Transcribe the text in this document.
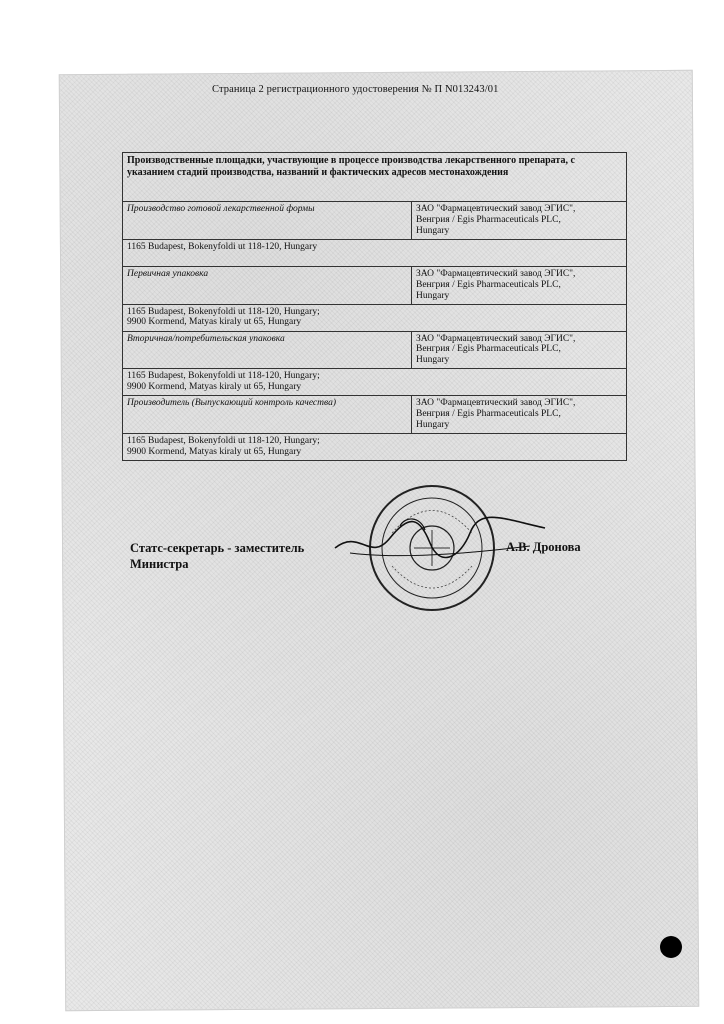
Страница 2 регистрационного удостоверения № П N013243/01
Производственные площадки, участвующие в процессе производства лекарственного препарата, с указанием стадий производства, названий и фактических адресов местонахождения	
Производство готовой лекарственной формы	ЗАО "Фармацевтический завод ЭГИС",
Венгрия / Egis Pharmaceuticals PLC,
Hungary

1165 Budapest, Bokenyfoldi ut 118-120, Hungary	

Первичная упаковка	ЗАО "Фармацевтический завод ЭГИС",
Венгрия / Egis Pharmaceuticals PLC,
Hungary

1165 Budapest, Bokenyfoldi ut 118-120, Hungary;
9900 Kormend, Matyas kiraly ut 65, Hungary	

Вторичная/потребительская упаковка	ЗАО "Фармацевтический завод ЭГИС",
Венгрия / Egis Pharmaceuticals PLC,
Hungary

1165 Budapest, Bokenyfoldi ut 118-120, Hungary;
9900 Kormend, Matyas kiraly ut 65, Hungary	

Производитель (Выпускающий контроль качества)	ЗАО "Фармацевтический завод ЭГИС",
Венгрия / Egis Pharmaceuticals PLC,
Hungary

1165 Budapest, Bokenyfoldi ut 118-120, Hungary;
9900 Kormend, Matyas kiraly ut 65, Hungary	
Статс-секретарь - заместитель
Министра
А.В. Дронова
